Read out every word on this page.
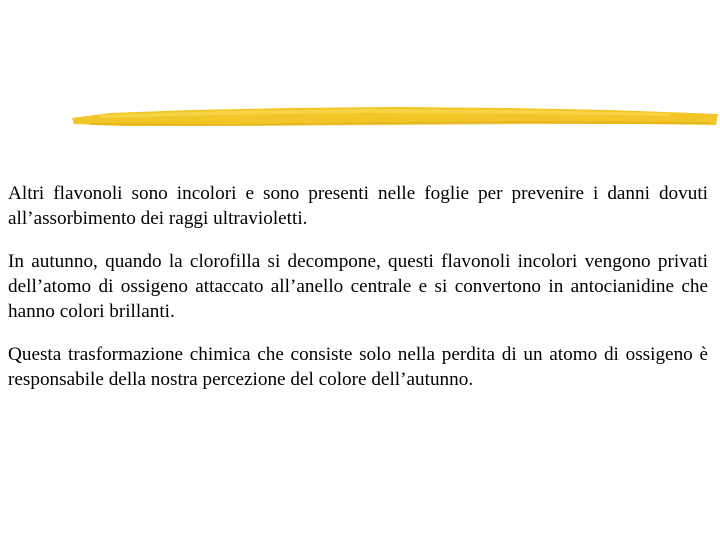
Altri flavonoli sono incolori e sono presenti nelle foglie per prevenire i danni dovuti all’assorbimento dei raggi ultravioletti.

In autunno, quando la clorofilla si decompone, questi flavonoli incolori vengono privati dell’atomo di ossigeno attaccato all’anello centrale e si convertono in antocianidine che hanno colori brillanti.

Questa trasformazione chimica che consiste solo nella perdita di un atomo di ossigeno è responsabile della nostra percezione del colore dell’autunno.
